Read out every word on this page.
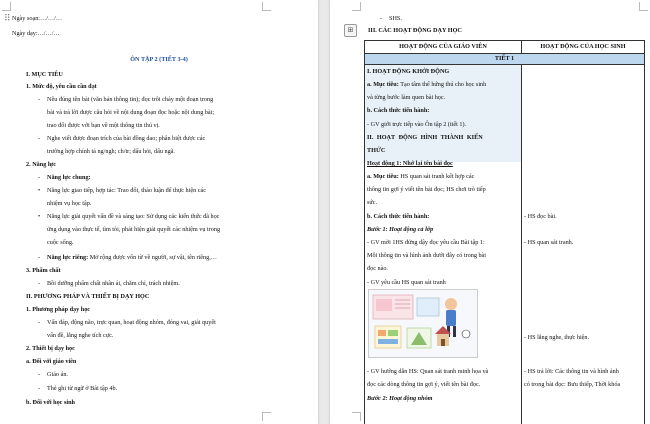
⠿ Ngày soạn:…/…/…
Ngày dạy:…/…/…
ÔN TẬP 2 (TIẾT 3-4)
I. MỤC TIÊU
1. Mức độ, yêu cầu cần đạt
- Nêu đúng tên bài (văn bản thông tin); đọc trôi chảy một đoạn trong
bài và trả lời được câu hỏi về nội dung đoạn đọc hoặc nội dung bài;
trao đổi được với bạn về một thông tin thú vị.
- Nghe viết được đoạn trích của bài đồng dao; phân biệt được các
trường hợp chính tả ng/ngh; ch/tr; dấu hỏi, dấu ngã.
2. Năng lực
- Năng lực chung:
• Năng lực giao tiếp, hợp tác: Trao đổi, thảo luận để thực hiện các
nhiệm vụ học tập.
• Năng lực giải quyết vấn đề và sáng tạo: Sử dụng các kiến thức đã học
ứng dụng vào thực tế, tìm tòi, phát hiện giải quyết các nhiệm vụ trong
cuộc sống.
- Năng lực riêng: Mở rộng được vốn từ về người, sự vật, tên riêng,…
3. Phẩm chất
- Bồi dưỡng phẩm chất nhân ái, chăm chỉ, trách nhiệm.
II. PHƯƠNG PHÁP VÀ THIẾT BỊ DẠY HỌC
1. Phương pháp dạy học
- Vấn đáp, động não, trực quan, hoạt động nhóm, đóng vai, giải quyết
vấn đề, lắng nghe tích cực.
2. Thiết bị dạy học
a. Đối với giáo viên
- Giáo án.
- Thẻ ghi từ ngữ ở Bài tập 4b.
b. Đối với học sinh
- SHS.
⊞	III. CÁC HOẠT ĐỘNG DẠY HỌC
HOẠT ĐỘNG CỦA GIÁO VIÊN	HOẠT ĐỘNG CỦA HỌC SINH
TIẾT 1
I. HOẠT ĐỘNG KHỞI ĐỘNG
a. Mục tiêu: Tạo tâm thế hứng thú cho học sinh
và từng bước làm quen bài học.
b. Cách thức tiến hành:
- GV giới trực tiếp vào Ôn tập 2 (tiết 1).
II. HOẠT ĐỘNG HÌNH THÀNH KIẾN
THỨC
Hoạt động 1: Nhớ lại tên bài đọc
a. Mục tiêu: HS quan sát tranh kết hợp các
thông tin gợi ý viết tên bài đọc; HS chơi trò tiếp
sức.
b. Cách thức tiến hành:
Bước 1: Hoạt động cả lớp
- GV mời 1HS đứng dậy đọc yêu cầu Bài tập 1:
Mỗi thông tin và hình ảnh dưới đây có trong bài
đọc nào.
- GV yêu cầu HS quan sát tranh
- GV hướng dẫn HS: Quan sát tranh minh họa và
đọc các dòng thông tin gợi ý, viết tên bài đọc.
Bước 2: Hoạt động nhóm
- HS đọc bài.
- HS quan sát tranh.
- HS lắng nghe, thực hiện.
- HS trả lời: Các thông tin và hình ảnh
có trong bài đọc: Bưu thiếp, Thời khóa
